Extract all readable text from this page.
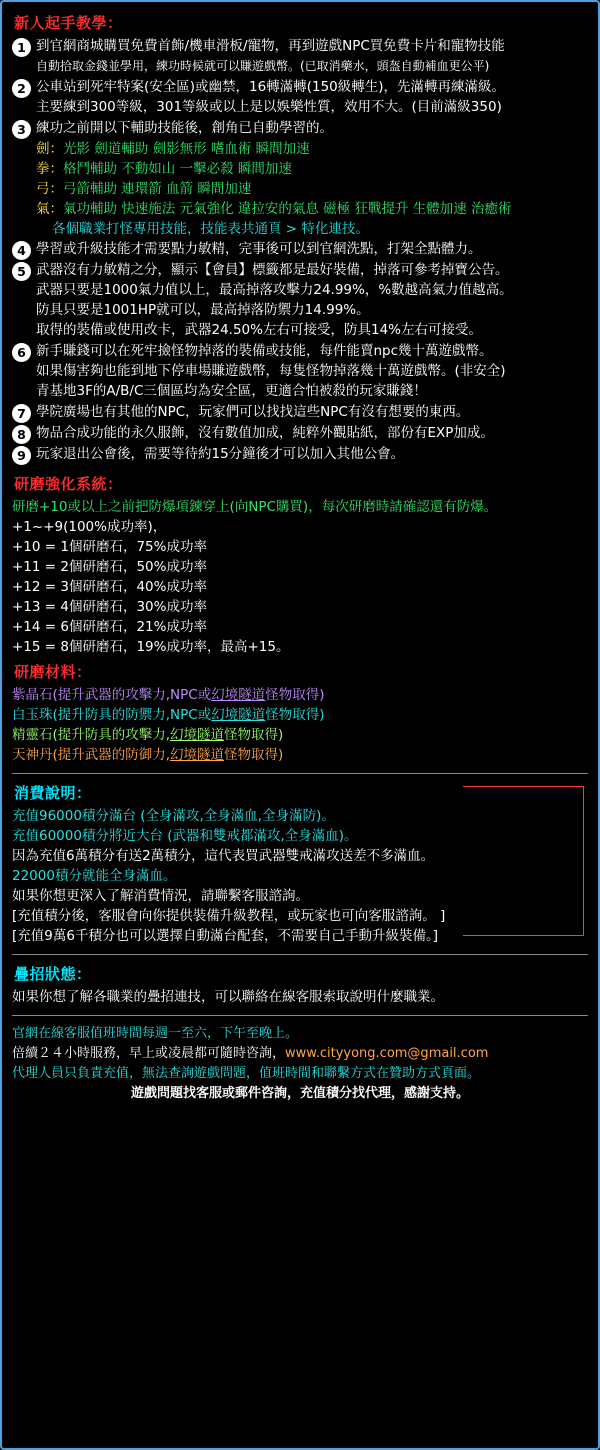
新人起手教學：
1 到官網商城購買免費首飾/機車滑板/寵物，再到遊戲NPC買免費卡片和寵物技能
自動拾取金錢並學用，練功時候就可以賺遊戲幣。(已取消藥水，頭盔自動補血更公平)
2 公車站到死牢特案(安全區)或幽禁，16轉滿轉(150級轉生)，先滿轉再練滿級。
主要練到300等級，301等級或以上是以娛樂性質，效用不大。(目前滿級350)
3 練功之前開以下輔助技能後，創角已自動學習的。
劍：光影 劍道輔助 劍影無形 嗜血術 瞬間加速
拳：格鬥輔助 不動如山 一擊必殺 瞬間加速
弓：弓箭輔助 連環箭 血箭 瞬間加速
氣：氣功輔助 快速施法 元氣強化 違拉安的氣息 磁極 狂戰提升 生體加速 治癒術
各個職業打怪專用技能，技能表共通頁 > 特化連技。
4 學習或升級技能才需要點力敏精，完事後可以到官網洗點，打架全點體力。
5 武器沒有力敏精之分，顯示【會員】標籤都是最好裝備，掉落可參考掉寶公告。
武器只要是1000氣力值以上，最高掉落攻擊力24.99%，%數越高氣力值越高。
防具只要是1001HP就可以，最高掉落防禦力14.99%。
取得的裝備或使用改卡，武器24.50%左右可接受，防具14%左右可接受。
6 新手賺錢可以在死牢撿怪物掉落的裝備或技能，每件能賣npc幾十萬遊戲幣。
如果傷害夠也能到地下停車場賺遊戲幣，每隻怪物掉落幾十萬遊戲幣。(非安全)
青基地3F的A/B/C三個區均為安全區，更適合怕被殺的玩家賺錢！
7 學院廣場也有其他的NPC，玩家們可以找找這些NPC有沒有想要的東西。
8 物品合成功能的永久服飾，沒有數值加成，純粹外觀貼紙，部份有EXP加成。
9 玩家退出公會後，需要等待約15分鐘後才可以加入其他公會。
研磨強化系統：
研磨+10或以上之前把防爆項鍊穿上(向NPC購買)，每次研磨時請確認還有防爆。
+1~+9(100%成功率)，
+10 = 1個研磨石，75%成功率
+11 = 2個研磨石，50%成功率
+12 = 3個研磨石，40%成功率
+13 = 4個研磨石，30%成功率
+14 = 6個研磨石，21%成功率
+15 = 8個研磨石，19%成功率，最高+15。
研磨材料：
紫晶石(提升武器的攻擊力,NPC或幻境隧道怪物取得)
白玉珠(提升防具的防禦力,NPC或幻境隧道怪物取得)
精靈石(提升防具的攻擊力,幻境隧道怪物取得)
天神丹(提升武器的防御力,幻境隧道怪物取得)
消費說明：
充值96000積分滿台 (全身滿攻,全身滿血,全身滿防)。
充值60000積分將近大台 (武器和雙戒都滿攻,全身滿血)。
因為充值6萬積分有送2萬積分，這代表買武器雙戒滿攻送差不多滿血。
22000積分就能全身滿血。
如果你想更深入了解消費情況，請聯繫客服諮詢。
[充值積分後，客服會向你提供裝備升級教程，或玩家也可向客服諮詢。 ]
[充值9萬6千積分也可以選擇自動滿台配套，不需要自己手動升級裝備。]
疊招狀態：
如果你想了解各職業的疊招連技，可以聯絡在線客服索取說明什麼職業。
官網在線客服值班時間每週一至六，下午至晚上。
倍續２４小時服務，早上或凌晨都可隨時咨詢，www.cityyong.com@gmail.com
代理人員只負責充值，無法查詢遊戲問題，值班時間和聯繫方式在贊助方式頁面。
遊戲問題找客服或郵件咨詢，充值積分找代理，感謝支持。
